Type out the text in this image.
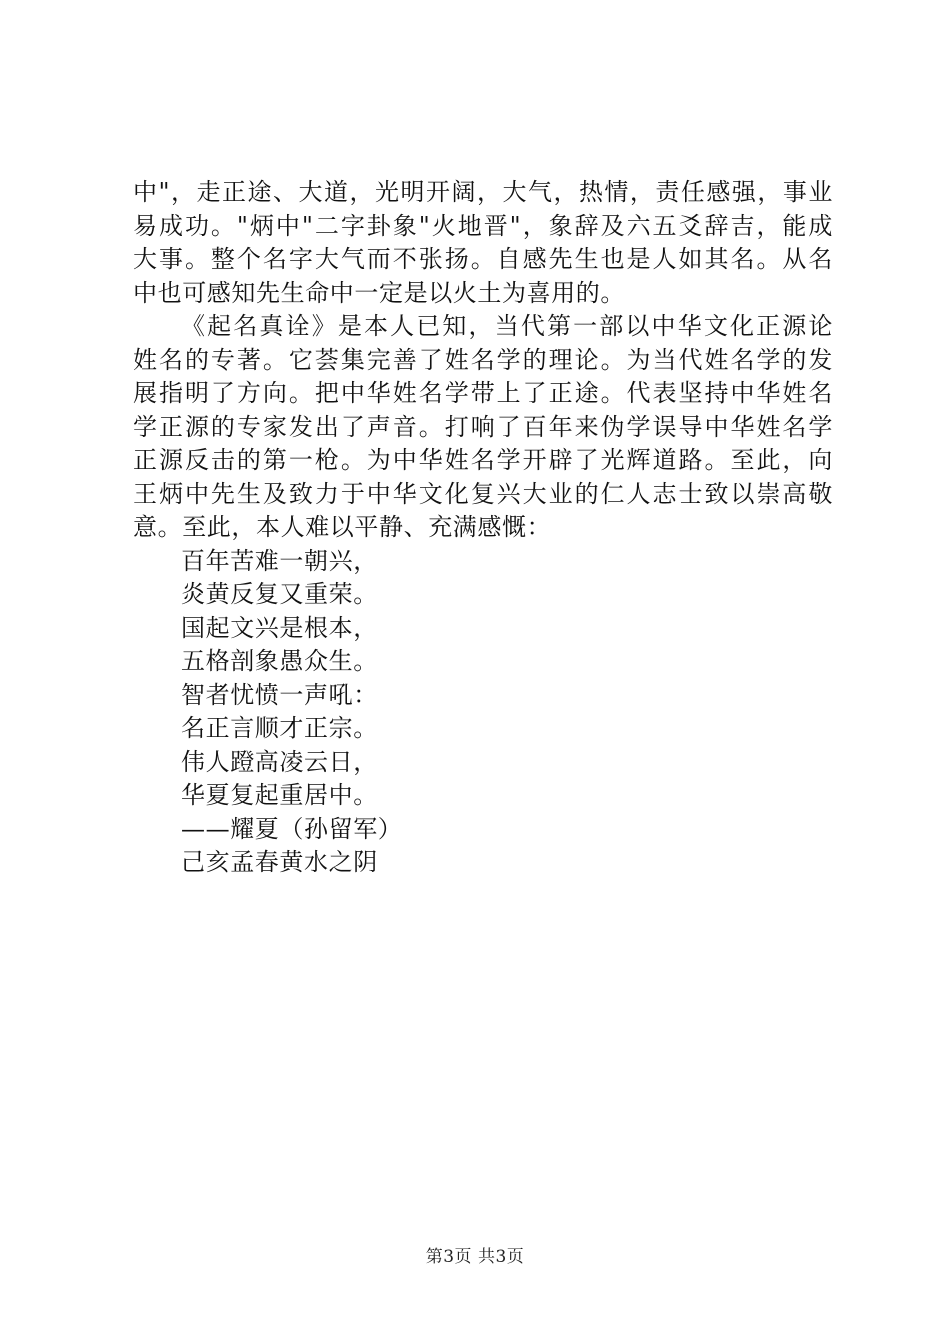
中"，走正途、大道，光明开阔，大气，热情，责任感强，事业
易成功。"炳中"二字卦象"火地晋"，象辞及六五爻辞吉，能成
大事。整个名字大气而不张扬。自感先生也是人如其名。从名
中也可感知先生命中一定是以火土为喜用的。
《起名真诠》是本人已知，当代第一部以中华文化正源论
姓名的专著。它荟集完善了姓名学的理论。为当代姓名学的发
展指明了方向。把中华姓名学带上了正途。代表坚持中华姓名
学正源的专家发出了声音。打响了百年来伪学误导中华姓名学
正源反击的第一枪。为中华姓名学开辟了光辉道路。至此，向
王炳中先生及致力于中华文化复兴大业的仁人志士致以崇高敬
意。至此，本人难以平静、充满感慨：
百年苦难一朝兴，
炎黄反复又重荣。
国起文兴是根本，
五格剖象愚众生。
智者忧愤一声吼：
名正言顺才正宗。
伟人蹬高凌云日，
华夏复起重居中。
——耀夏（孙留军）
己亥孟春黄水之阴
第3页 共3页
